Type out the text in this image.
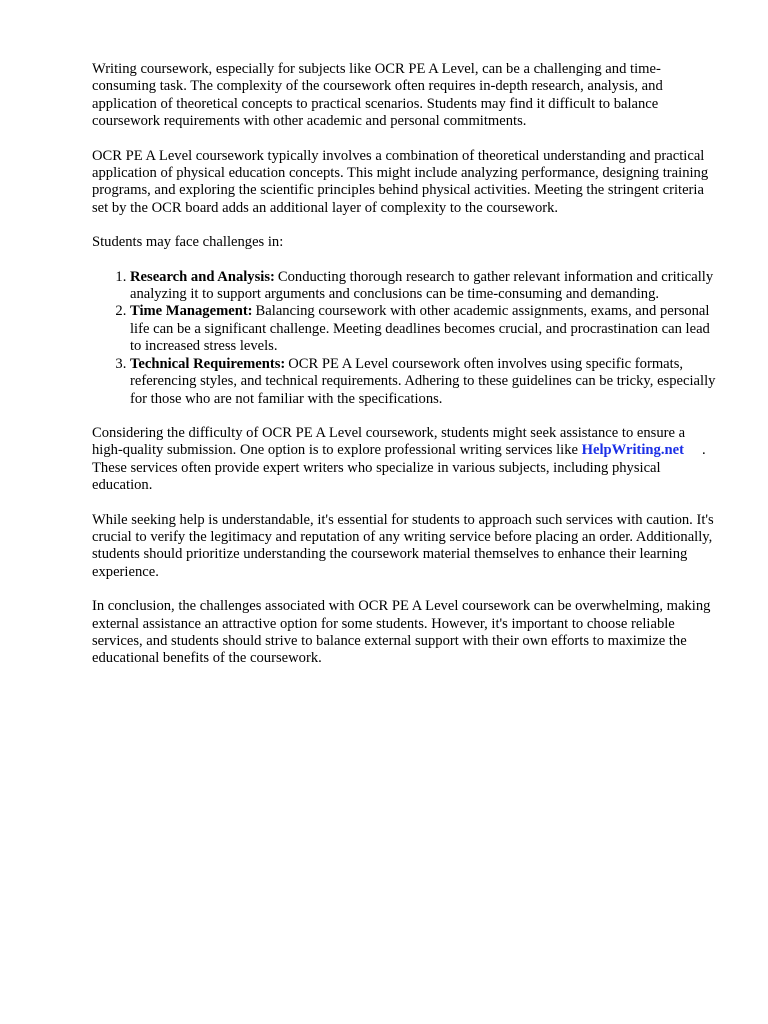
Writing coursework, especially for subjects like OCR PE A Level, can be a challenging and time-consuming task. The complexity of the coursework often requires in-depth research, analysis, and application of theoretical concepts to practical scenarios. Students may find it difficult to balance coursework requirements with other academic and personal commitments.

OCR PE A Level coursework typically involves a combination of theoretical understanding and practical application of physical education concepts. This might include analyzing performance, designing training programs, and exploring the scientific principles behind physical activities. Meeting the stringent criteria set by the OCR board adds an additional layer of complexity to the coursework.

Students may face challenges in:

1. Research and Analysis: Conducting thorough research to gather relevant information and critically analyzing it to support arguments and conclusions can be time-consuming and demanding.
2. Time Management: Balancing coursework with other academic assignments, exams, and personal life can be a significant challenge. Meeting deadlines becomes crucial, and procrastination can lead to increased stress levels.
3. Technical Requirements: OCR PE A Level coursework often involves using specific formats, referencing styles, and technical requirements. Adhering to these guidelines can be tricky, especially for those who are not familiar with the specifications.

Considering the difficulty of OCR PE A Level coursework, students might seek assistance to ensure a high-quality submission. One option is to explore professional writing services like HelpWriting.net . These services often provide expert writers who specialize in various subjects, including physical education.

While seeking help is understandable, it's essential for students to approach such services with caution. It's crucial to verify the legitimacy and reputation of any writing service before placing an order. Additionally, students should prioritize understanding the coursework material themselves to enhance their learning experience.

In conclusion, the challenges associated with OCR PE A Level coursework can be overwhelming, making external assistance an attractive option for some students. However, it's important to choose reliable services, and students should strive to balance external support with their own efforts to maximize the educational benefits of the coursework.
